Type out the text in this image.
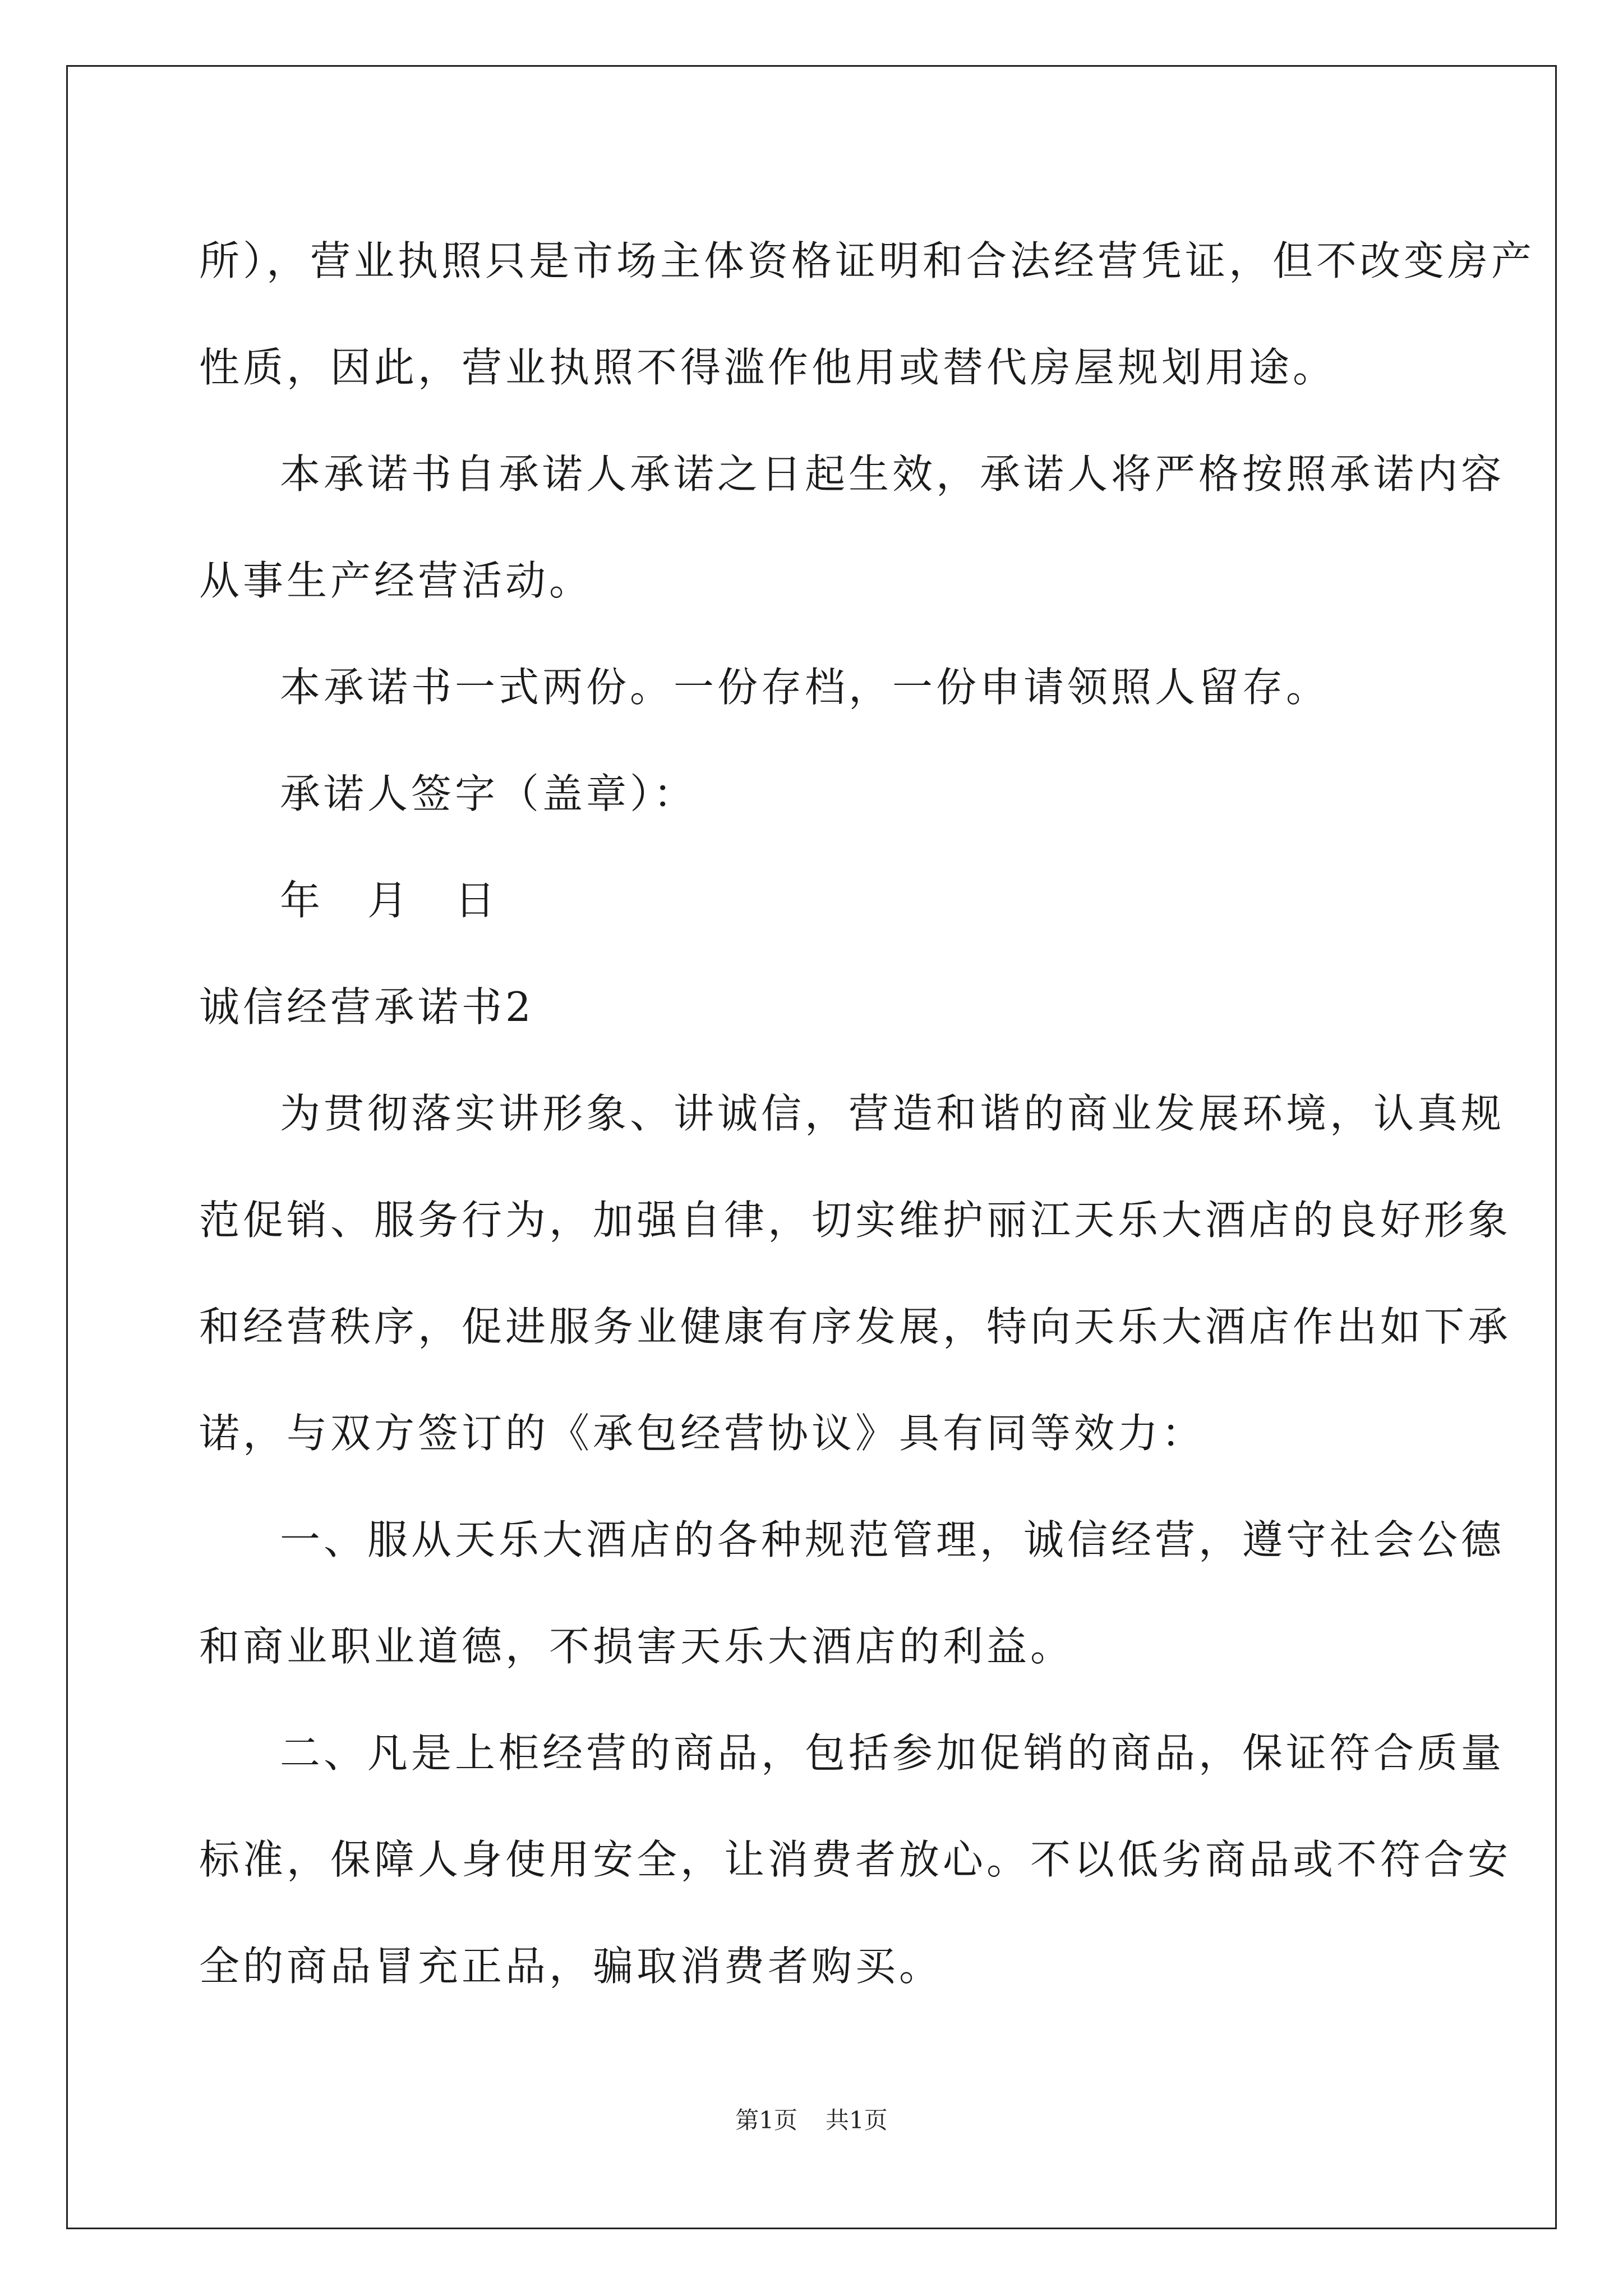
所），营业执照只是市场主体资格证明和合法经营凭证，但不改变房产
性质，因此，营业执照不得滥作他用或替代房屋规划用途。
本承诺书自承诺人承诺之日起生效，承诺人将严格按照承诺内容
从事生产经营活动。
本承诺书一式两份。一份存档，一份申请领照人留存。
承诺人签字（盖章）：
年　月　日
诚信经营承诺书2
为贯彻落实讲形象、讲诚信，营造和谐的商业发展环境，认真规
范促销、服务行为，加强自律，切实维护丽江天乐大酒店的良好形象
和经营秩序，促进服务业健康有序发展，特向天乐大酒店作出如下承
诺，与双方签订的《承包经营协议》具有同等效力：
一、服从天乐大酒店的各种规范管理，诚信经营，遵守社会公德
和商业职业道德，不损害天乐大酒店的利益。
二、凡是上柜经营的商品，包括参加促销的商品，保证符合质量
标准，保障人身使用安全，让消费者放心。不以低劣商品或不符合安
全的商品冒充正品，骗取消费者购买。
第1页 共1页
